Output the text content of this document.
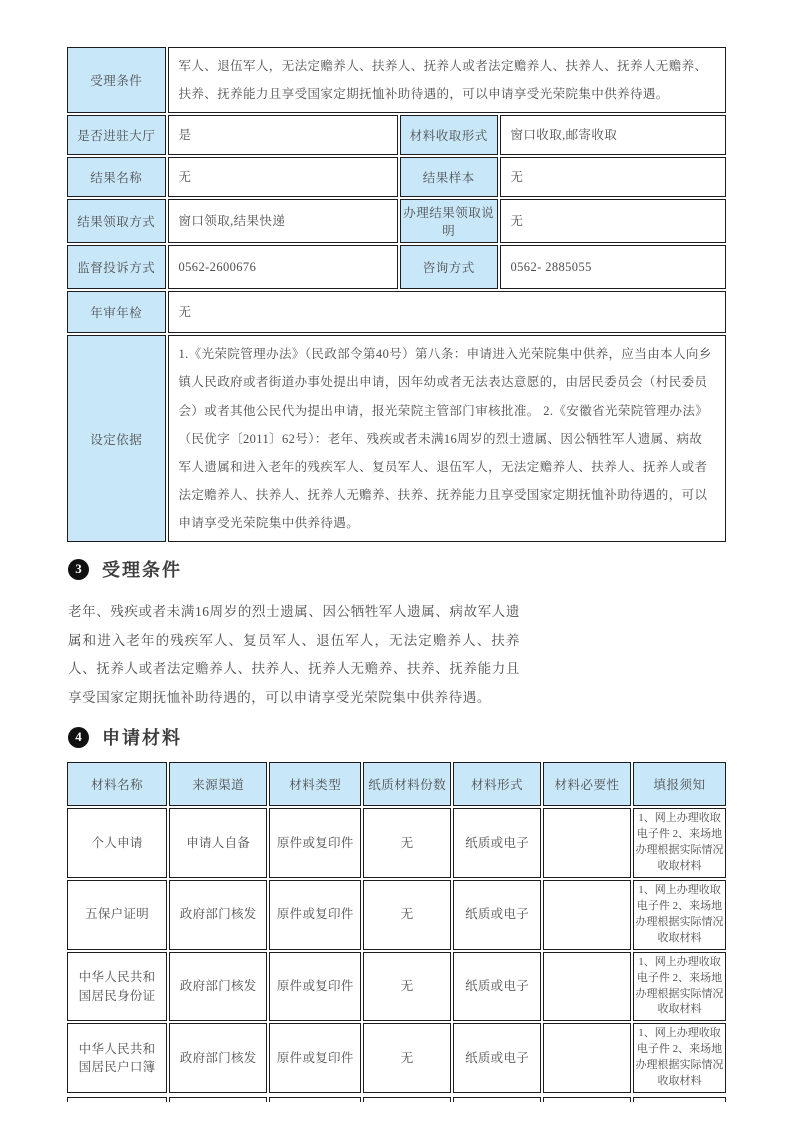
受理条件	军人、退伍军人，无法定赡养人、扶养人、抚养人或者法定赡养人、扶养人、抚养人无赡养、扶养、抚养能力且享受国家定期抚恤补助待遇的，可以申请享受光荣院集中供养待遇。		
是否进驻大厅	是	材料收取形式	窗口收取,邮寄收取
结果名称	无	结果样本	无
结果领取方式	窗口领取,结果快递	办理结果领取说明	无
监督投诉方式	0562-2600676	咨询方式	0562- 2885055
年审年检	无		
设定依据	1.《光荣院管理办法》（民政部令第40号）第八条：申请进入光荣院集中供养，应当由本人向乡镇人民政府或者街道办事处提出申请，因年幼或者无法表达意愿的，由居民委员会（村民委员会）或者其他公民代为提出申请，报光荣院主管部门审核批准。 2.《安徽省光荣院管理办法》（民优字〔2011〕62号）：老年、残疾或者未满16周岁的烈士遗属、因公牺牲军人遗属、病故军人遗属和进入老年的残疾军人、复员军人、退伍军人，无法定赡养人、扶养人、抚养人或者法定赡养人、扶养人、抚养人无赡养、扶养、抚养能力且享受国家定期抚恤补助待遇的，可以申请享受光荣院集中供养待遇。		
3	受理条件

老年、残疾或者未满16周岁的烈士遗属、因公牺牲军人遗属、病故军人遗属和进入老年的残疾军人、复员军人、退伍军人，无法定赡养人、扶养人、抚养人或者法定赡养人、扶养人、抚养人无赡养、扶养、抚养能力且享受国家定期抚恤补助待遇的，可以申请享受光荣院集中供养待遇。

4	申请材料
材料名称	来源渠道	材料类型	纸质材料份数	材料形式	材料必要性	填报须知
个人申请	申请人自备	原件或复印件	无	纸质或电子		1、网上办理收取电子件 2、来场地办理根据实际情况收取材料
五保户证明	政府部门核发	原件或复印件	无	纸质或电子		1、网上办理收取电子件 2、来场地办理根据实际情况收取材料
中华人民共和国居民身份证	政府部门核发	原件或复印件	无	纸质或电子		1、网上办理收取电子件 2、来场地办理根据实际情况收取材料
中华人民共和国居民户口簿	政府部门核发	原件或复印件	无	纸质或电子		1、网上办理收取电子件 2、来场地办理根据实际情况收取材料
